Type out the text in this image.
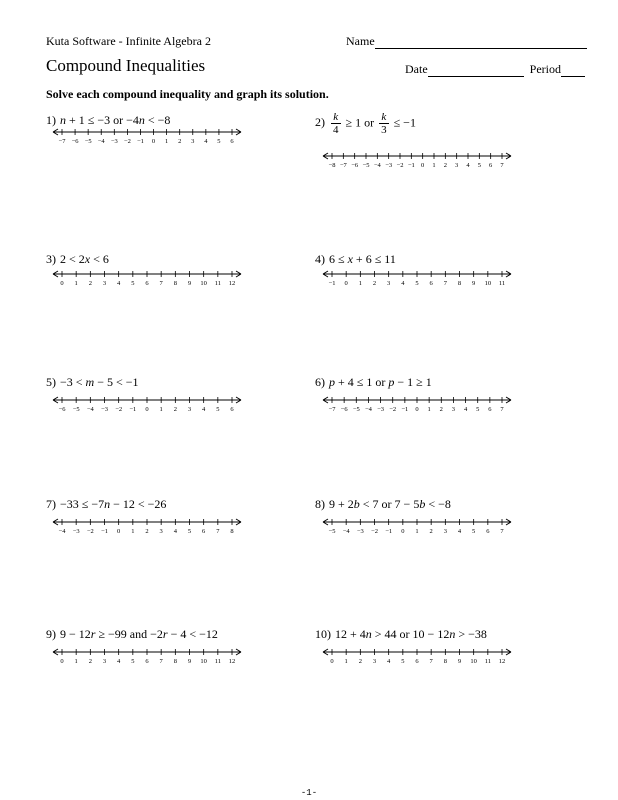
Kuta Software - Infinite Algebra 2	Name
Compound Inequalities	Date	Period
Solve each compound inequality and graph its solution.
1) n + 1 ≤ −3 or −4n < −8	$2) \frac{k}{4} \ge 1$ or $\frac{k}{3} \le -1$
3) 2 < 2x < 6	4) 6 ≤ x + 6 ≤ 11
5) −3 < m − 5 < −1	6) p + 4 ≤ 1 or p − 1 ≥ 1
7) −33 ≤ −7n − 12 < −26	8) 9 + 2b < 7 or 7 − 5b < −8
9) 9 − 12r ≥ −99 and −2r − 4 < −12	10) 12 + 4n > 44 or 10 − 12n > −38
−7 −6 −5 −4 −3 −2 −1 0 1 2 3 4 5 6
−8 −7 −6 −5 −4 −3 −2 −1 0 1 2 3 4 5 6 7
0 1 2 3 4 5 6 7 8 9 10 11 12	−1 0 1 2 3 4 5 6 7 8 9 10 11
−6 −5 −4 −3 −2 −1 0 1 2 3 4 5 6	−7 −6 −5 −4 −3 −2 −1 0 1 2 3 4 5 6 7
−4 −3 −2 −1 0 1 2 3 4 5 6 7 8	−5 −4 −3 −2 −1 0 1 2 3 4 5 6 7
0 1 2 3 4 5 6 7 8 9 10 11 12	0 1 2 3 4 5 6 7 8 9 10 11 12
-1-
